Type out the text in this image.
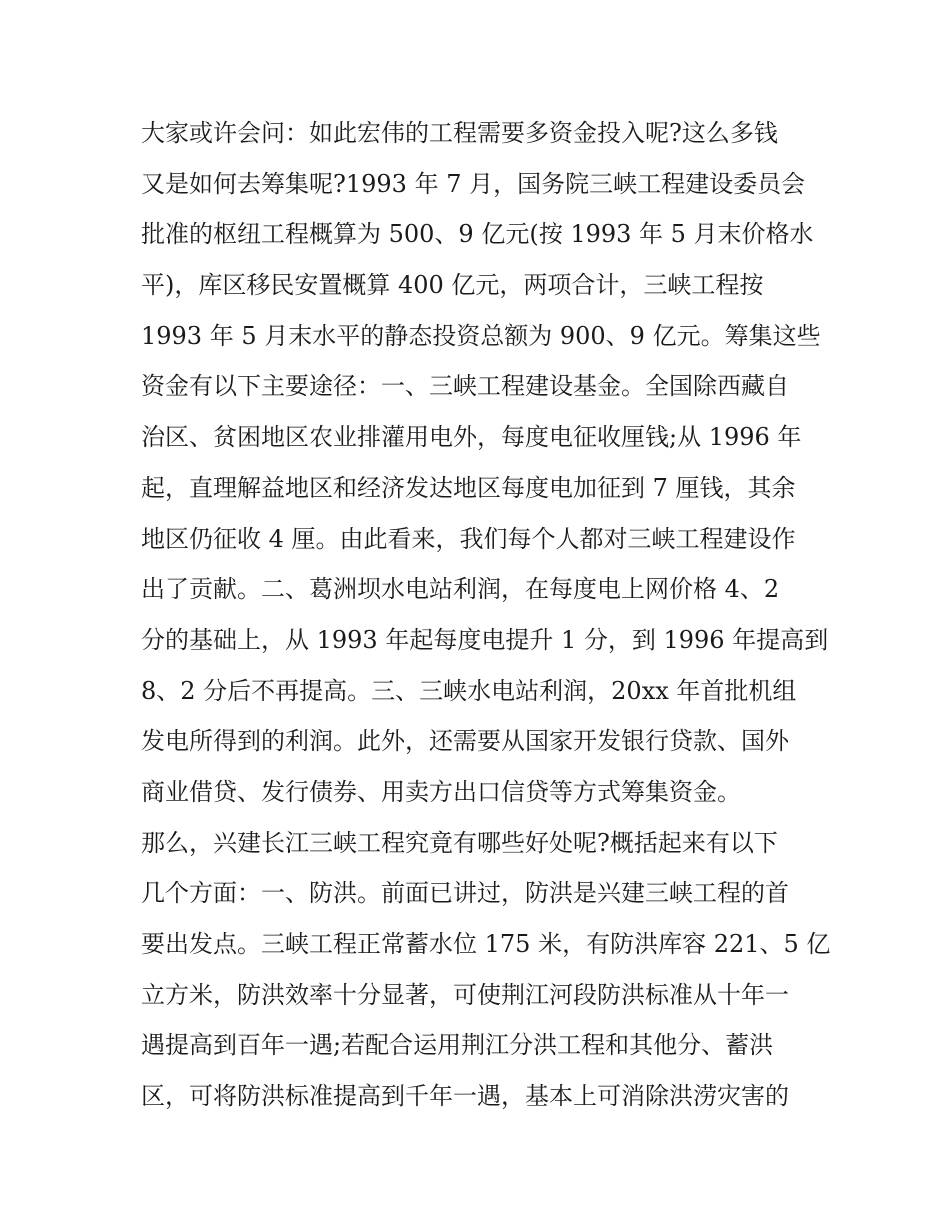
大家或许会问：如此宏伟的工程需要多资金投入呢?这么多钱
又是如何去筹集呢?1993 年 7 月，国务院三峡工程建设委员会
批准的枢纽工程概算为 500、9 亿元(按 1993 年 5 月末价格水
平)，库区移民安置概算 400 亿元，两项合计，三峡工程按
1993 年 5 月末水平的静态投资总额为 900、9 亿元。筹集这些
资金有以下主要途径：一、三峡工程建设基金。全国除西藏自
治区、贫困地区农业排灌用电外，每度电征收厘钱;从 1996 年
起，直理解益地区和经济发达地区每度电加征到 7 厘钱，其余
地区仍征收 4 厘。由此看来，我们每个人都对三峡工程建设作
出了贡献。二、葛洲坝水电站利润，在每度电上网价格 4、2
分的基础上，从 1993 年起每度电提升 1 分，到 1996 年提高到
8、2 分后不再提高。三、三峡水电站利润，20xx 年首批机组
发电所得到的利润。此外，还需要从国家开发银行贷款、国外
商业借贷、发行债券、用卖方出口信贷等方式筹集资金。
那么，兴建长江三峡工程究竟有哪些好处呢?概括起来有以下
几个方面：一、防洪。前面已讲过，防洪是兴建三峡工程的首
要出发点。三峡工程正常蓄水位 175 米，有防洪库容 221、5 亿
立方米，防洪效率十分显著，可使荆江河段防洪标准从十年一
遇提高到百年一遇;若配合运用荆江分洪工程和其他分、蓄洪
区，可将防洪标准提高到千年一遇，基本上可消除洪涝灾害的
